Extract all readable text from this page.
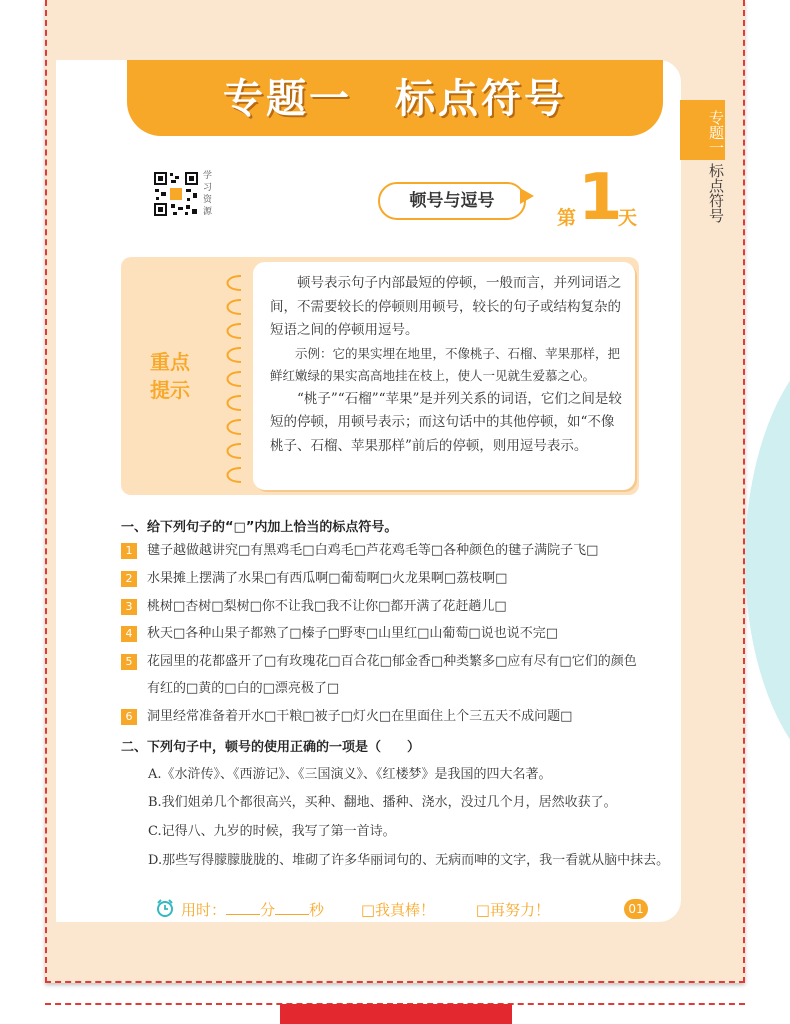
专题一　标点符号
专题一
标点符号
学习资源
顿号与逗号
第 1
天
重点
提示

顿号表示句子内部最短的停顿，一般而言，并列词语之间，不需要较长的停顿则用顿号，较长的句子或结构复杂的短语之间的停顿用逗号。

示例：它的果实埋在地里，不像桃子、石榴、苹果那样，把鲜红嫩绿的果实高高地挂在枝上，使人一见就生爱慕之心。

“桃子”“石榴”“苹果”是并列关系的词语，它们之间是较短的停顿，用顿号表示；而这句话中的其他停顿，如“不像桃子、石榴、苹果那样”前后的停顿，则用逗号表示。

一、给下列句子的“□”内加上恰当的标点符号。
1 毽子越做越讲究□有黑鸡毛□白鸡毛□芦花鸡毛等□各种颜色的毽子满院子飞□
2 水果摊上摆满了水果□有西瓜啊□葡萄啊□火龙果啊□荔枝啊□
3 桃树□杏树□梨树□你不让我□我不让你□都开满了花赶趟儿□
4 秋天□各种山果子都熟了□榛子□野枣□山里红□山葡萄□说也说不完□
5 花园里的花都盛开了□有玫瑰花□百合花□郁金香□种类繁多□应有尽有□它们的颜色
有红的□黄的□白的□漂亮极了□
6 洞里经常准备着开水□干粮□被子□灯火□在里面住上个三五天不成问题□
二、下列句子中，顿号的使用正确的一项是（　　）
A.《水浒传》、《西游记》、《三国演义》、《红楼梦》是我国的四大名著。
B.我们姐弟几个都很高兴，买种、翻地、播种、浇水，没过几个月，居然收获了。
C.记得八、九岁的时候，我写了第一首诗。
D.那些写得朦朦胧胧的、堆砌了许多华丽词句的、无病而呻的文字，我一看就从脑中抹去。
用时： 分 秒 □我真棒！	□再努力！	01
